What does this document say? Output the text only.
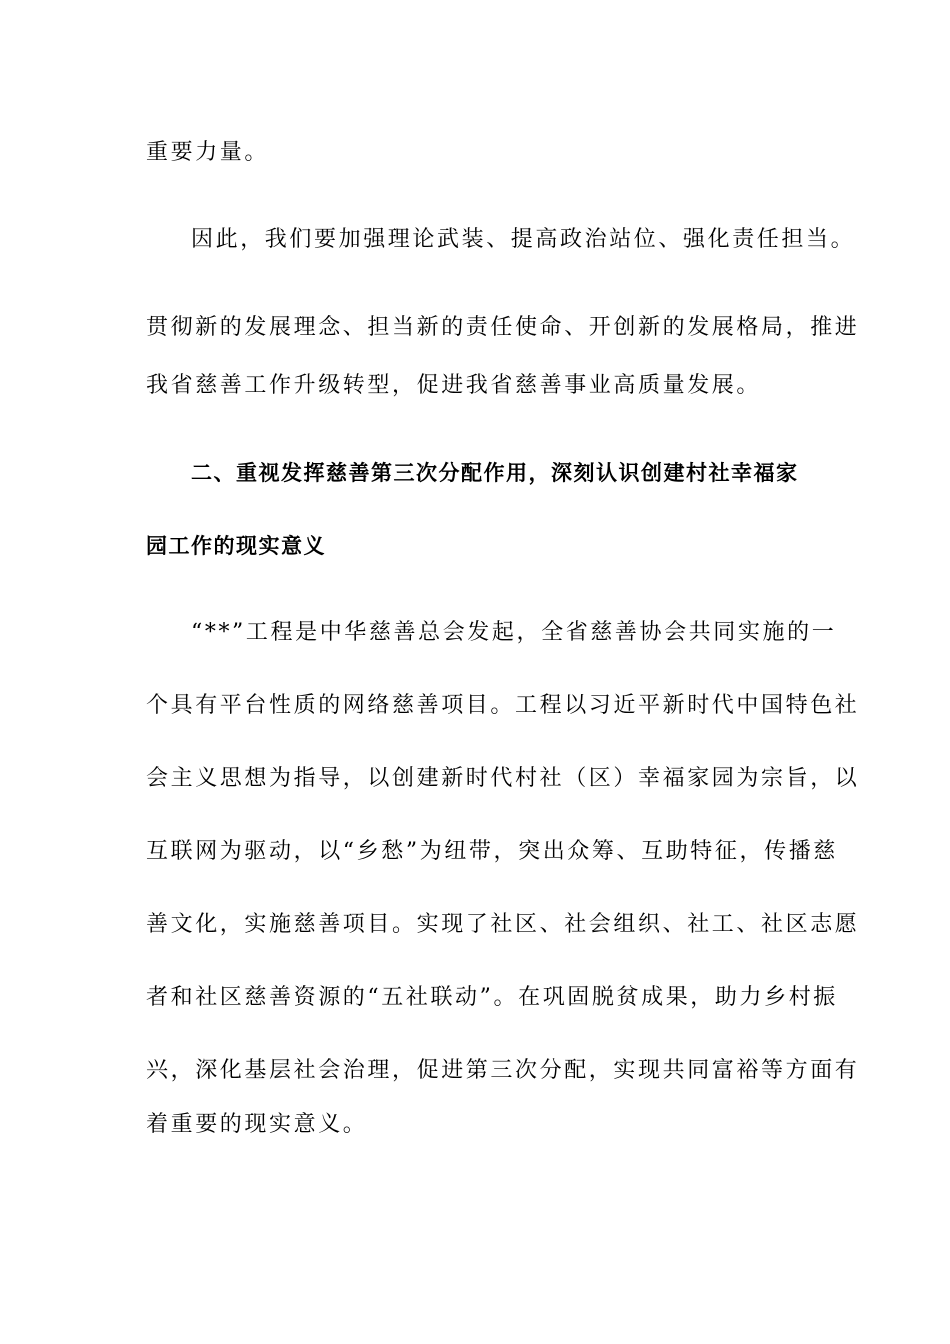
重要力量。
因此，我们要加强理论武装、提高政治站位、强化责任担当。
贯彻新的发展理念、担当新的责任使命、开创新的发展格局，推进
我省慈善工作升级转型，促进我省慈善事业高质量发展。
二、重视发挥慈善第三次分配作用，深刻认识创建村社幸福家
园工作的现实意义
“**”工程是中华慈善总会发起，全省慈善协会共同实施的一
个具有平台性质的网络慈善项目。工程以习近平新时代中国特色社
会主义思想为指导，以创建新时代村社（区）幸福家园为宗旨，以
互联网为驱动，以“乡愁”为纽带，突出众筹、互助特征，传播慈
善文化，实施慈善项目。实现了社区、社会组织、社工、社区志愿
者和社区慈善资源的“五社联动”。在巩固脱贫成果，助力乡村振
兴，深化基层社会治理，促进第三次分配，实现共同富裕等方面有
着重要的现实意义。
